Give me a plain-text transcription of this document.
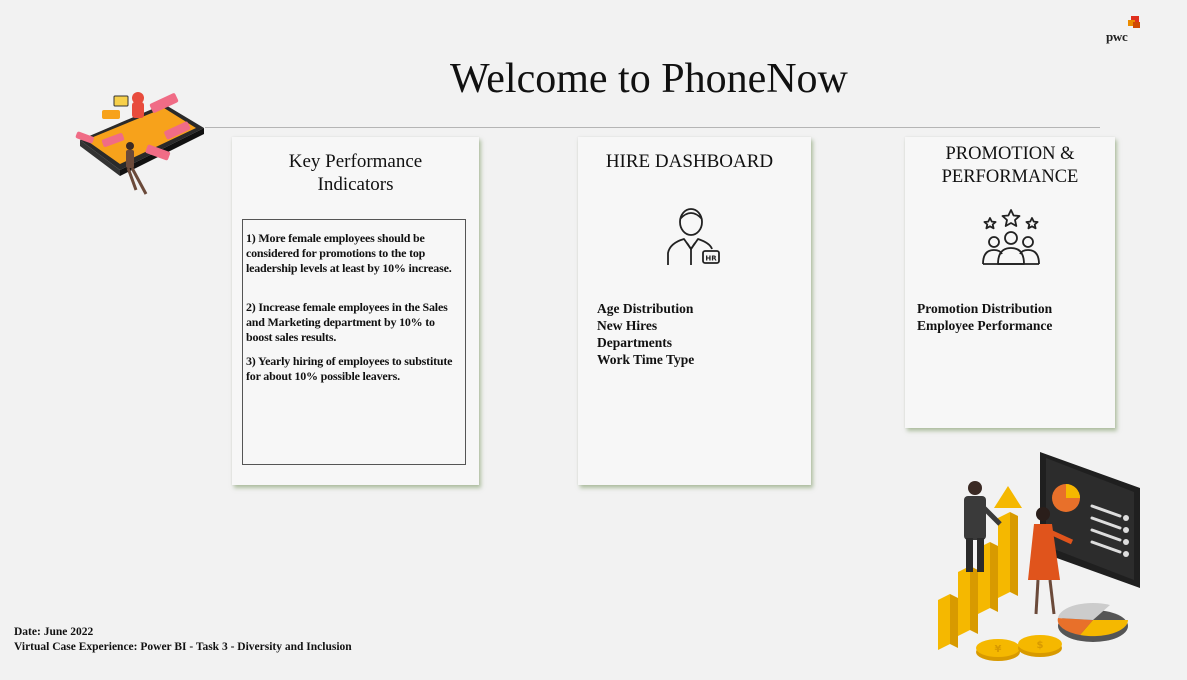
pwc
Welcome to PhoneNow
Key Performance
Indicators
1) More female employees should be considered for promotions to the top leadership levels at least by 10% increase.
2) Increase female employees in the Sales and Marketing department by 10% to boost sales results.
3) Yearly hiring of employees to substitute for about 10% possible leavers.
HIRE DASHBOARD
HR
Age Distribution
New Hires
Departments
Work Time Type
PROMOTION &
PERFORMANCE
Promotion Distribution
Employee Performance
¥	$
Date: June 2022
Virtual Case Experience: Power BI - Task 3 - Diversity and Inclusion
